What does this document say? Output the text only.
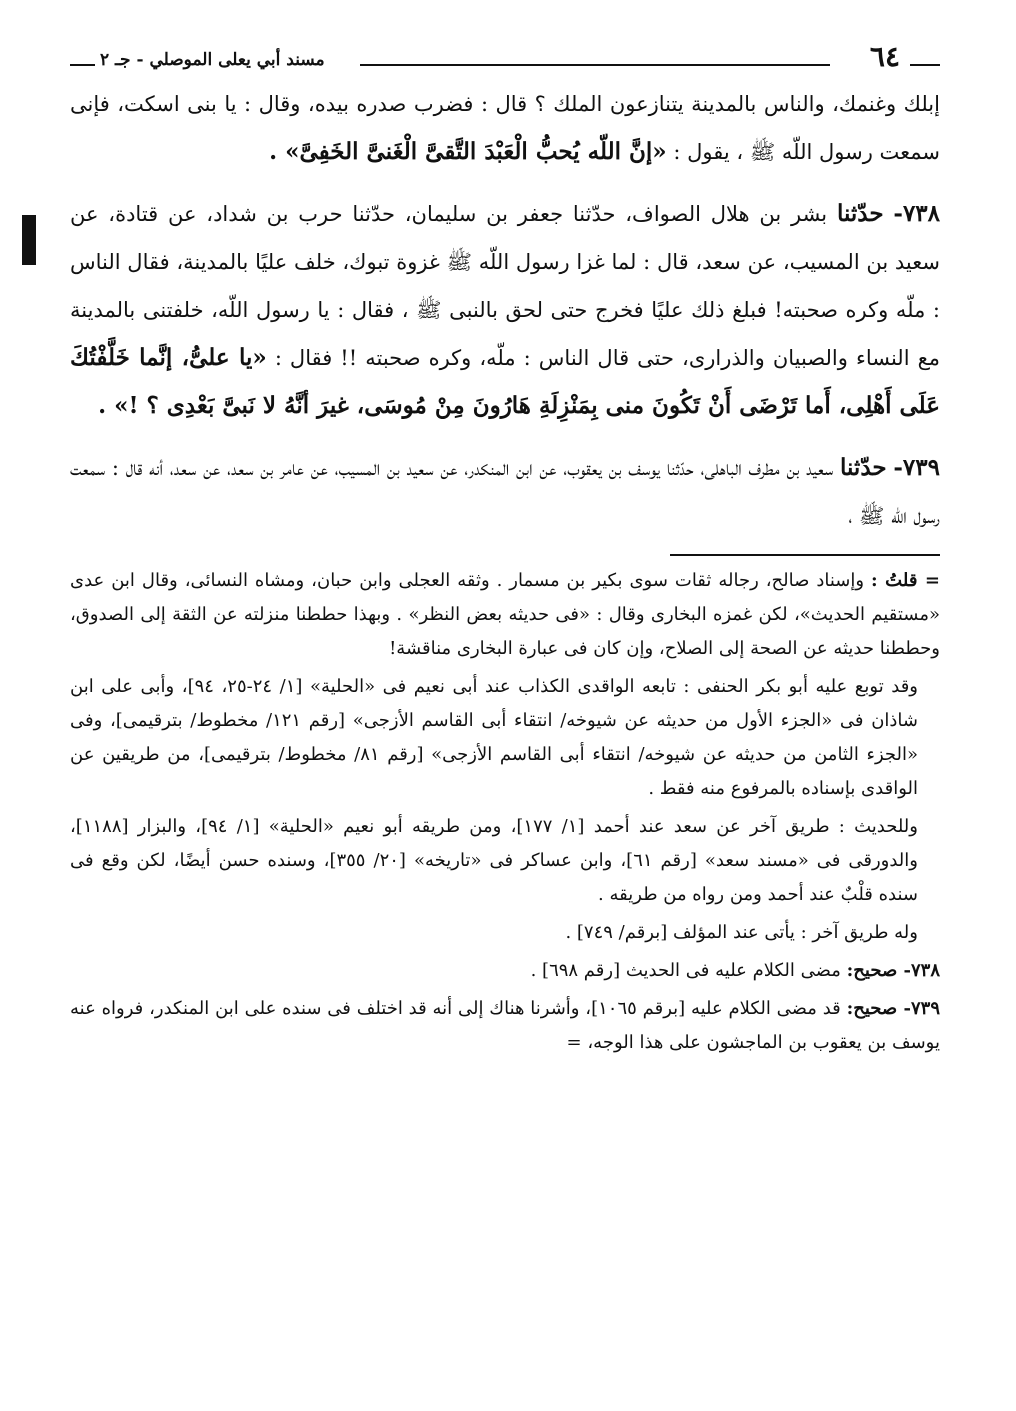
٦٤
مسند أبي يعلى الموصلي - جـ ٢

إبلك وغنمك، والناس بالمدينة يتنازعون الملك ؟ قال : فضرب صدره بيده، وقال : يا بنى اسكت، فإنى سمعت رسول اللّه ﷺ ، يقول : «إنَّ اللّه يُحبُّ الْعَبْدَ التَّقىَّ الْغَنىَّ الخَفِىَّ» .

٧٣٨- حدّثنا بشر بن هلال الصواف، حدّثنا جعفر بن سليمان، حدّثنا حرب بن شداد، عن قتادة، عن سعيد بن المسيب، عن سعد، قال : لما غزا رسول اللّه ﷺ غزوة تبوك، خلف عليًا بالمدينة، فقال الناس : ملّه وكره صحبته! فبلغ ذلك عليًا فخرج حتى لحق بالنبى ﷺ ، فقال : يا رسول اللّه، خلفتنى بالمدينة مع النساء والصبيان والذرارى، حتى قال الناس : ملّه، وكره صحبته !! فقال : «يا علىُّ، إنَّما خَلَّفْتُكَ عَلَى أَهْلِى، أَما تَرْضَى أَنْ تَكُونَ منى بِمَنْزِلَةِ هَارُونَ مِنْ مُوسَى، غيرَ أنَّهُ لا نَبىَّ بَعْدِى ؟ !» .

٧٣٩- حدّثنا سعيد بن مطرف الباهلى، حدّثنا يوسف بن يعقوب، عن ابن المنكدر، عن سعيد بن المسيب، عن عامر بن سعد، عن سعد، أنه قال : سمعت رسول اللّه ﷺ ،

= قلتُ : وإسناد صالح، رجاله ثقات سوى بكير بن مسمار . وثقه العجلى وابن حبان، ومشاه النسائى، وقال ابن عدى «مستقيم الحديث»، لكن غمزه البخارى وقال : «فى حديثه بعض النظر» . وبهذا حططنا منزلته عن الثقة إلى الصدوق، وحططنا حديثه عن الصحة إلى الصلاح، وإن كان فى عبارة البخارى مناقشة!

وقد توبع عليه أبو بكر الحنفى : تابعه الواقدى الكذاب عند أبى نعيم فى «الحلية» [١/ ٢٤-٢٥، ٩٤]، وأبى على ابن شاذان فى «الجزء الأول من حديثه عن شيوخه/ انتقاء أبى القاسم الأزجى» [رقم ١٢١/ مخطوط/ بترقيمى]، وفى «الجزء الثامن من حديثه عن شيوخه/ انتقاء أبى القاسم الأزجى» [رقم ٨١/ مخطوط/ بترقيمى]، من طريقين عن الواقدى بإسناده بالمرفوع منه فقط .

وللحديث : طريق آخر عن سعد عند أحمد [١/ ١٧٧]، ومن طريقه أبو نعيم «الحلية» [١/ ٩٤]، والبزار [١١٨٨]، والدورقى فى «مسند سعد» [رقم ٦١]، وابن عساكر فى «تاريخه» [٢٠/ ٣٥٥]، وسنده حسن أيضًا، لكن وقع فى سنده قلْبٌ عند أحمد ومن رواه من طريقه .

وله طريق آخر : يأتى عند المؤلف [برقم/ ٧٤٩] .

٧٣٨- صحيح: مضى الكلام عليه فى الحديث [رقم ٦٩٨] .

٧٣٩- صحيح: قد مضى الكلام عليه [برقم ١٠٦٥]، وأشرنا هناك إلى أنه قد اختلف فى سنده على ابن المنكدر، فرواه عنه يوسف بن يعقوب بن الماجشون على هذا الوجه، =
